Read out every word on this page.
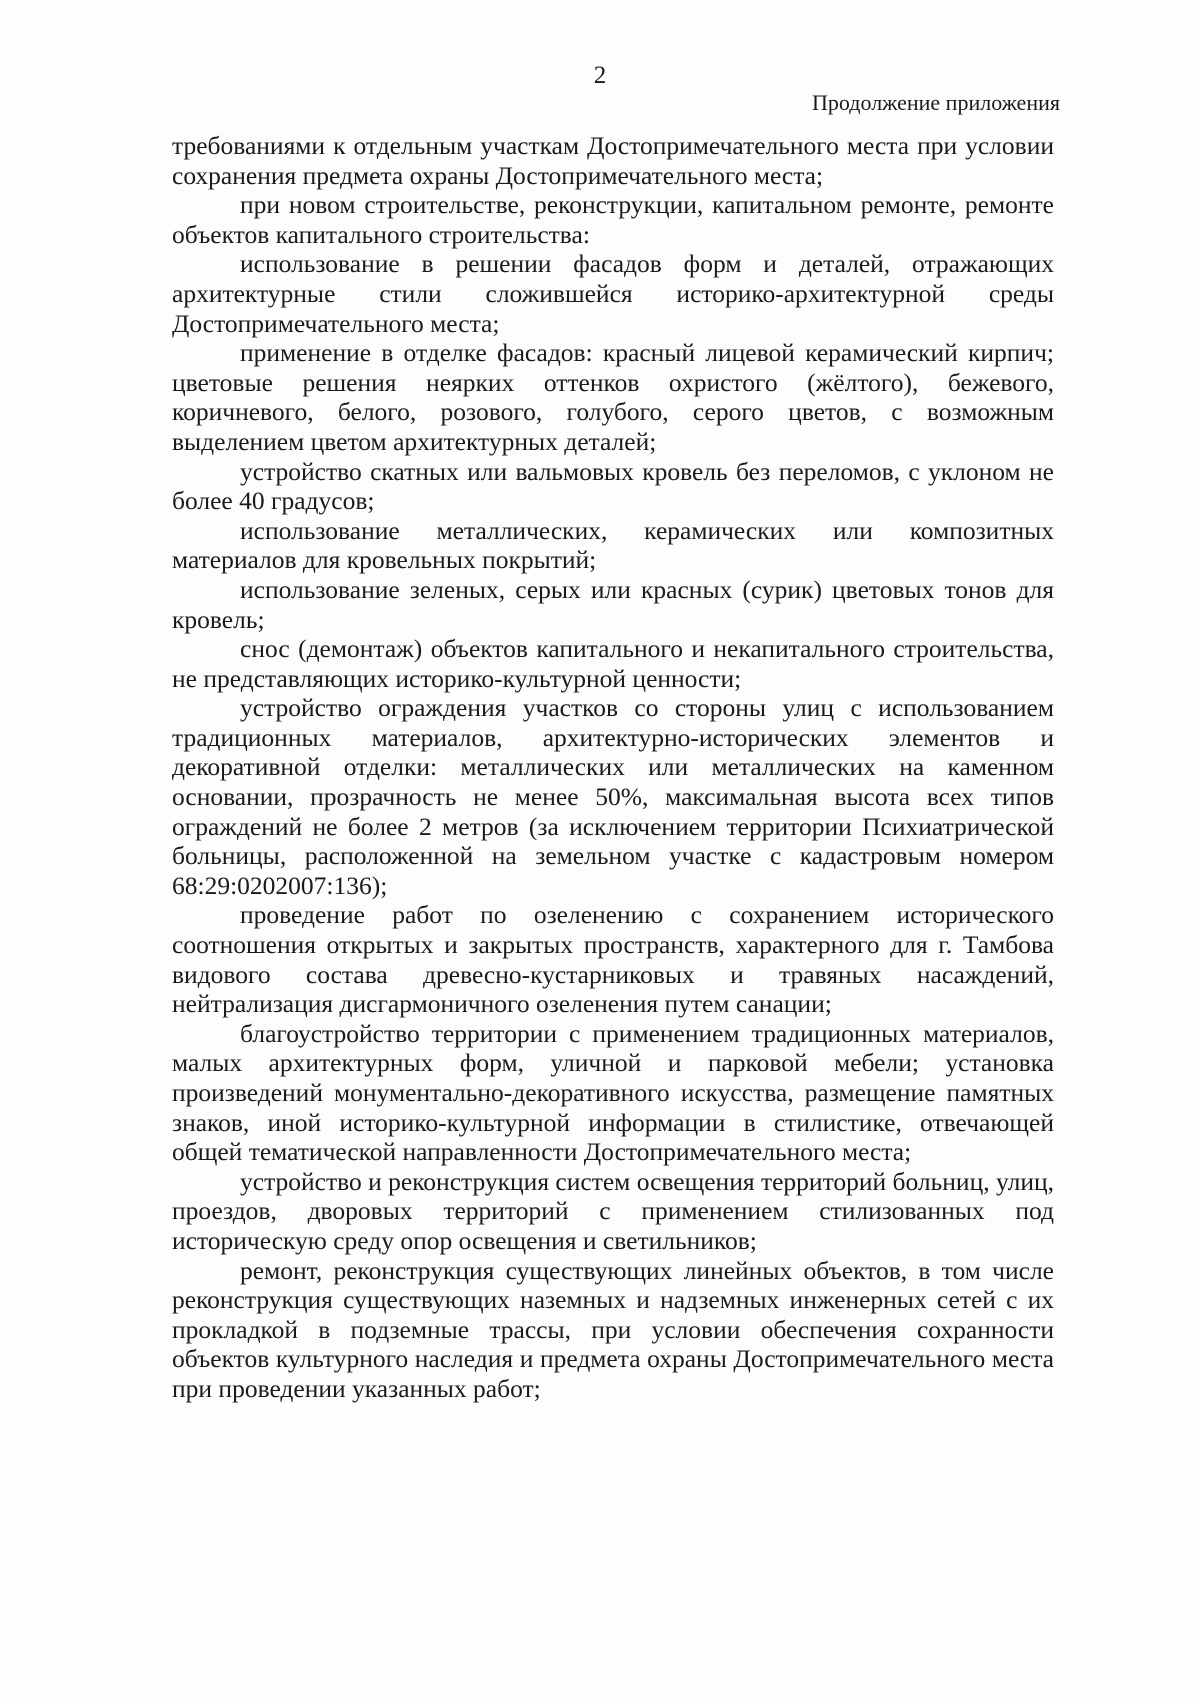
2
Продолжение приложения

требованиями к отдельным участкам Достопримечательного места при условии сохранения предмета охраны Достопримечательного места;

при новом строительстве, реконструкции, капитальном ремонте, ремонте объектов капитального строительства:

использование в решении фасадов форм и деталей, отражающих архитектурные стили сложившейся историко-архитектурной среды Достопримечательного места;

применение в отделке фасадов: красный лицевой керамический кирпич; цветовые решения неярких оттенков охристого (жёлтого), бежевого, коричневого, белого, розового, голубого, серого цветов, с возможным выделением цветом архитектурных деталей;

устройство скатных или вальмовых кровель без переломов, с уклоном не более 40 градусов;

использование металлических, керамических или композитных материалов для кровельных покрытий;

использование зеленых, серых или красных (сурик) цветовых тонов для кровель;

снос (демонтаж) объектов капитального и некапитального строительства, не представляющих историко-культурной ценности;

устройство ограждения участков со стороны улиц с использованием традиционных материалов, архитектурно-исторических элементов и декоративной отделки: металлических или металлических на каменном основании, прозрачность не менее 50%, максимальная высота всех типов ограждений не более 2 метров (за исключением территории Психиатрической больницы, расположенной на земельном участке с кадастровым номером 68:29:0202007:136);

проведение работ по озеленению с сохранением исторического соотношения открытых и закрытых пространств, характерного для г. Тамбова видового состава древесно-кустарниковых и травяных насаждений, нейтрализация дисгармоничного озеленения путем санации;

благоустройство территории с применением традиционных материалов, малых архитектурных форм, уличной и парковой мебели; установка произведений монументально-декоративного искусства, размещение памятных знаков, иной историко-культурной информации в стилистике, отвечающей общей тематической направленности Достопримечательного места;

устройство и реконструкция систем освещения территорий больниц, улиц, проездов, дворовых территорий с применением стилизованных под историческую среду опор освещения и светильников;

ремонт, реконструкция существующих линейных объектов, в том числе реконструкция существующих наземных и надземных инженерных сетей с их прокладкой в подземные трассы, при условии обеспечения сохранности объектов культурного наследия и предмета охраны Достопримечательного места при проведении указанных работ;
